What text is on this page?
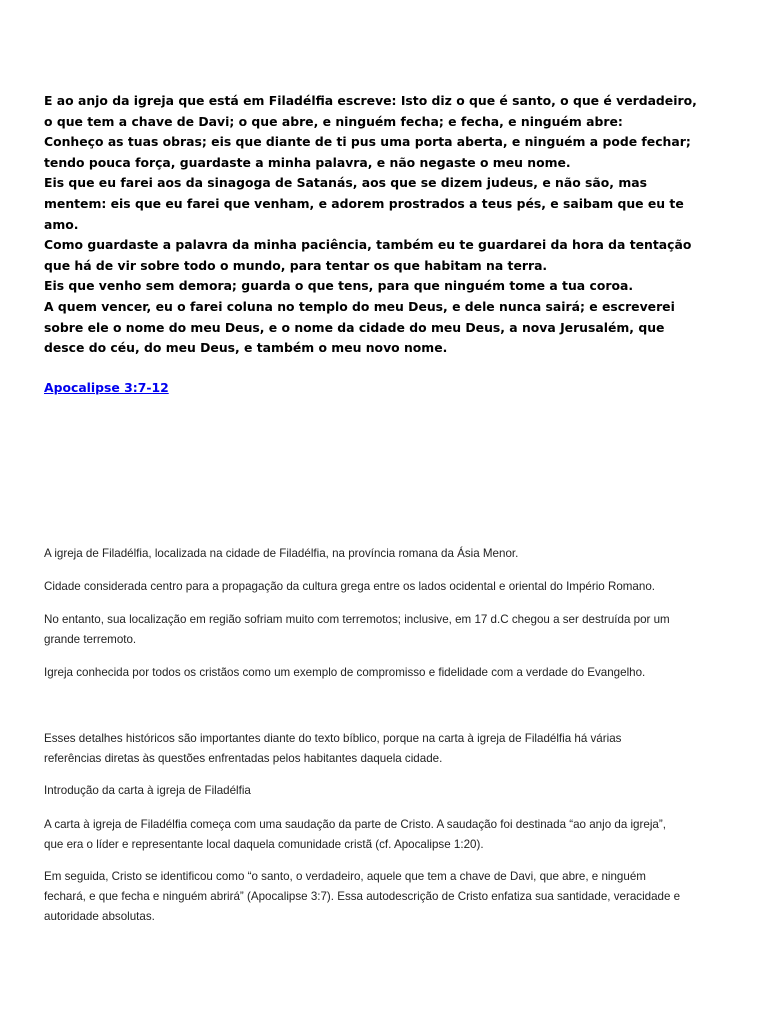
E ao anjo da igreja que está em Filadélfia escreve: Isto diz o que é santo, o que é verdadeiro,
o que tem a chave de Davi; o que abre, e ninguém fecha; e fecha, e ninguém abre:
Conheço as tuas obras; eis que diante de ti pus uma porta aberta, e ninguém a pode fechar;
tendo pouca força, guardaste a minha palavra, e não negaste o meu nome.
Eis que eu farei aos da sinagoga de Satanás, aos que se dizem judeus, e não são, mas
mentem: eis que eu farei que venham, e adorem prostrados a teus pés, e saibam que eu te
amo.
Como guardaste a palavra da minha paciência, também eu te guardarei da hora da tentação
que há de vir sobre todo o mundo, para tentar os que habitam na terra.
Eis que venho sem demora; guarda o que tens, para que ninguém tome a tua coroa.
A quem vencer, eu o farei coluna no templo do meu Deus, e dele nunca sairá; e escreverei
sobre ele o nome do meu Deus, e o nome da cidade do meu Deus, a nova Jerusalém, que
desce do céu, do meu Deus, e também o meu novo nome.
Apocalipse 3:7-12
A igreja de Filadélfia, localizada na cidade de Filadélfia, na província romana da Ásia Menor.
Cidade considerada centro para a propagação da cultura grega entre os lados ocidental e oriental do Império Romano.
No entanto, sua localização em região sofriam muito com terremotos; inclusive, em 17 d.C chegou a ser destruída por um
grande terremoto.
Igreja conhecida por todos os cristãos como um exemplo de compromisso e fidelidade com a verdade do Evangelho.
Esses detalhes históricos são importantes diante do texto bíblico, porque na carta à igreja de Filadélfia há várias
referências diretas às questões enfrentadas pelos habitantes daquela cidade.
Introdução da carta à igreja de Filadélfia
A carta à igreja de Filadélfia começa com uma saudação da parte de Cristo. A saudação foi destinada “ao anjo da igreja”,
que era o líder e representante local daquela comunidade cristã (cf. Apocalipse 1:20).
Em seguida, Cristo se identificou como “o santo, o verdadeiro, aquele que tem a chave de Davi, que abre, e ninguém
fechará, e que fecha e ninguém abrirá” (Apocalipse 3:7). Essa autodescrição de Cristo enfatiza sua santidade, veracidade e
autoridade absolutas.
